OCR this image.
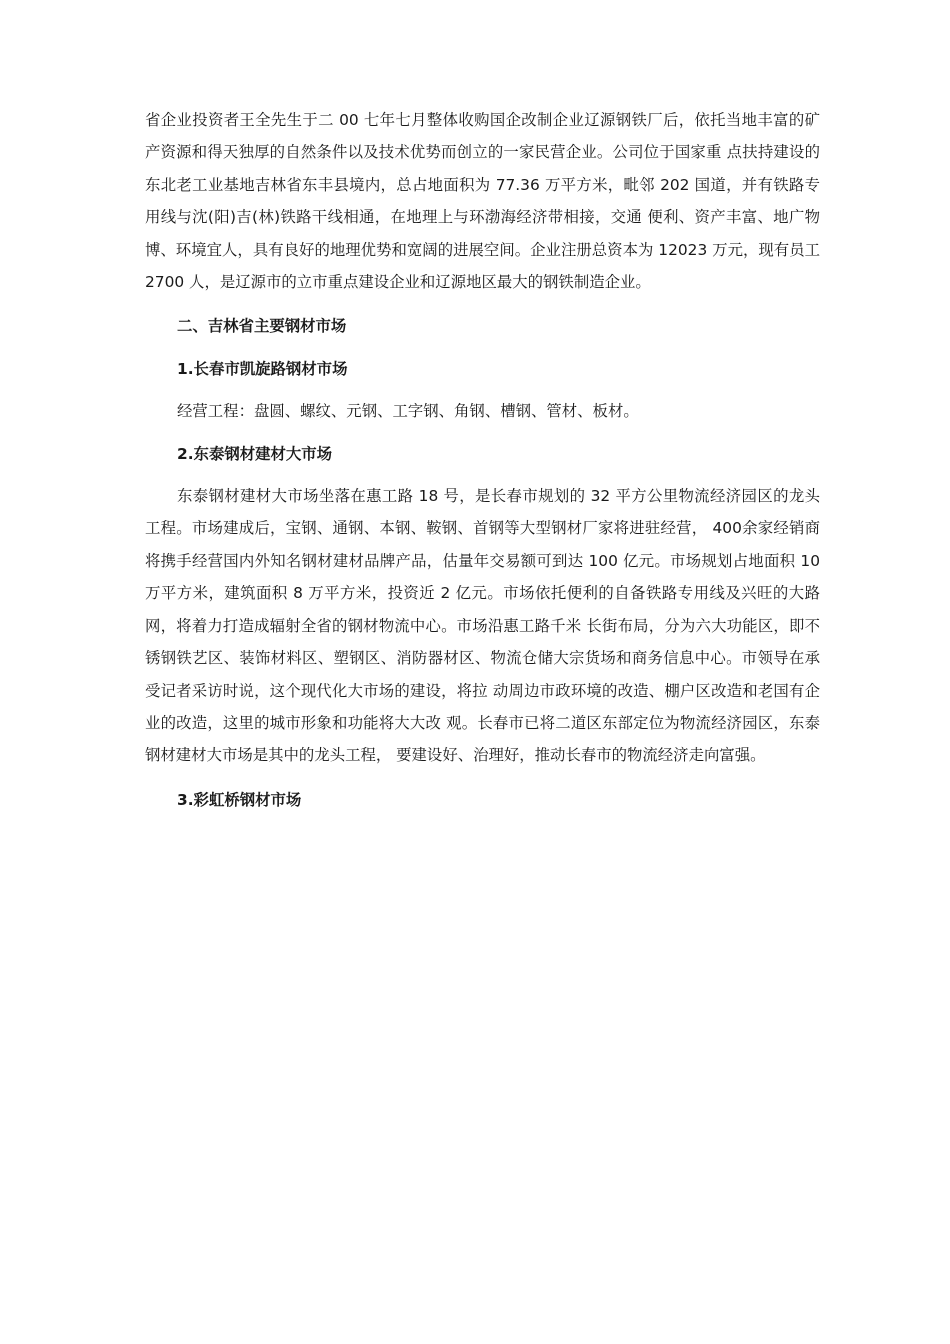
省企业投资者王全先生于二 00 七年七月整体收购国企改制企业辽源钢铁厂后，依托当地丰富的矿产资源和得天独厚的自然条件以及技术优势而创立的一家民营企业。公司位于国家重 点扶持建设的东北老工业基地吉林省东丰县境内，总占地面积为 77.36 万平方米，毗邻 202 国道，并有铁路专用线与沈(阳)吉(林)铁路干线相通，在地理上与环渤海经济带相接，交通 便利、资产丰富、地广物博、环境宜人，具有良好的地理优势和宽阔的进展空间。企业注册总资本为 12023 万元，现有员工 2700 人，是辽源市的立市重点建设企业和辽源地区最大的钢铁制造企业。

二、吉林省主要钢材市场

1.长春市凯旋路钢材市场

经营工程：盘圆、螺纹、元钢、工字钢、角钢、槽钢、管材、板材。

2.东泰钢材建材大市场

东泰钢材建材大市场坐落在惠工路 18 号，是长春市规划的 32 平方公里物流经济园区的龙头工程。市场建成后，宝钢、通钢、本钢、鞍钢、首钢等大型钢材厂家将进驻经营， 400余家经销商将携手经营国内外知名钢材建材品牌产品，估量年交易额可到达 100 亿元。市场规划占地面积 10 万平方米，建筑面积 8 万平方米，投资近 2 亿元。市场依托便利的自备铁路专用线及兴旺的大路网，将着力打造成辐射全省的钢材物流中心。市场沿惠工路千米 长街布局，分为六大功能区，即不锈钢铁艺区、装饰材料区、塑钢区、消防器材区、物流仓储大宗货场和商务信息中心。市领导在承受记者采访时说，这个现代化大市场的建设，将拉 动周边市政环境的改造、棚户区改造和老国有企业的改造，这里的城市形象和功能将大大改 观。长春市已将二道区东部定位为物流经济园区，东泰钢材建材大市场是其中的龙头工程， 要建设好、治理好，推动长春市的物流经济走向富强。

3.彩虹桥钢材市场
